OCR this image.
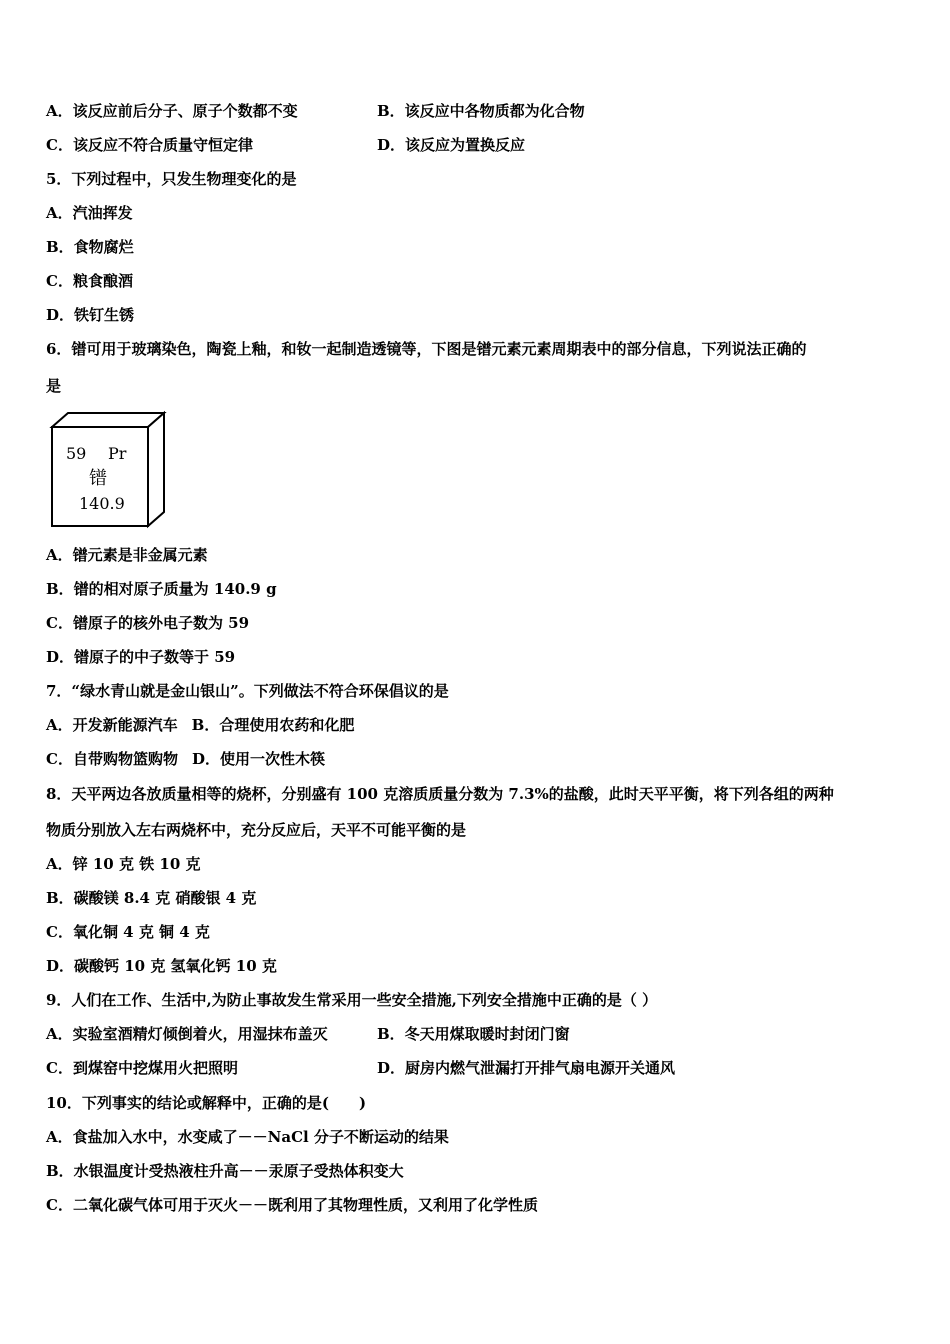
A．该反应前后分子、原子个数都不变	B．该反应中各物质都为化合物
C．该反应不符合质量守恒定律	D．该反应为置换反应
5．下列过程中，只发生物理变化的是
A．汽油挥发
B．食物腐烂
C．粮食酿酒
D．铁钉生锈
6．镨可用于玻璃染色，陶瓷上釉，和钕一起制造透镜等，下图是镨元素元素周期表中的部分信息，下列说法正确的
是
59 Pr
镨
140.9
A．镨元素是非金属元素
B．镨的相对原子质量为 140.9 g
C．镨原子的核外电子数为 59
D．镨原子的中子数等于 59
7．“绿水青山就是金山银山”。下列做法不符合环保倡议的是
A．开发新能源汽车 B．合理使用农药和化肥
C．自带购物篮购物 D．使用一次性木筷
8．天平两边各放质量相等的烧杯，分别盛有 100 克溶质质量分数为 7.3%的盐酸，此时天平平衡，将下列各组的两种
物质分别放入左右两烧杯中，充分反应后，天平不可能平衡的是
A．锌 10 克 铁 10 克
B．碳酸镁 8.4 克 硝酸银 4 克
C．氧化铜 4 克 铜 4 克
D．碳酸钙 10 克 氢氧化钙 10 克
9．人们在工作、生活中,为防止事故发生常采用一些安全措施,下列安全措施中正确的是（ ）
A．实验室酒精灯倾倒着火，用湿抹布盖灭	B．冬天用煤取暖时封闭门窗
C．到煤窑中挖煤用火把照明	D．厨房内燃气泄漏打开排气扇电源开关通风
10．下列事实的结论或解释中，正确的是(　　)
A．食盐加入水中，水变咸了－－NaCl 分子不断运动的结果
B．水银温度计受热液柱升高－－汞原子受热体积变大
C．二氧化碳气体可用于灭火－－既利用了其物理性质，又利用了化学性质
